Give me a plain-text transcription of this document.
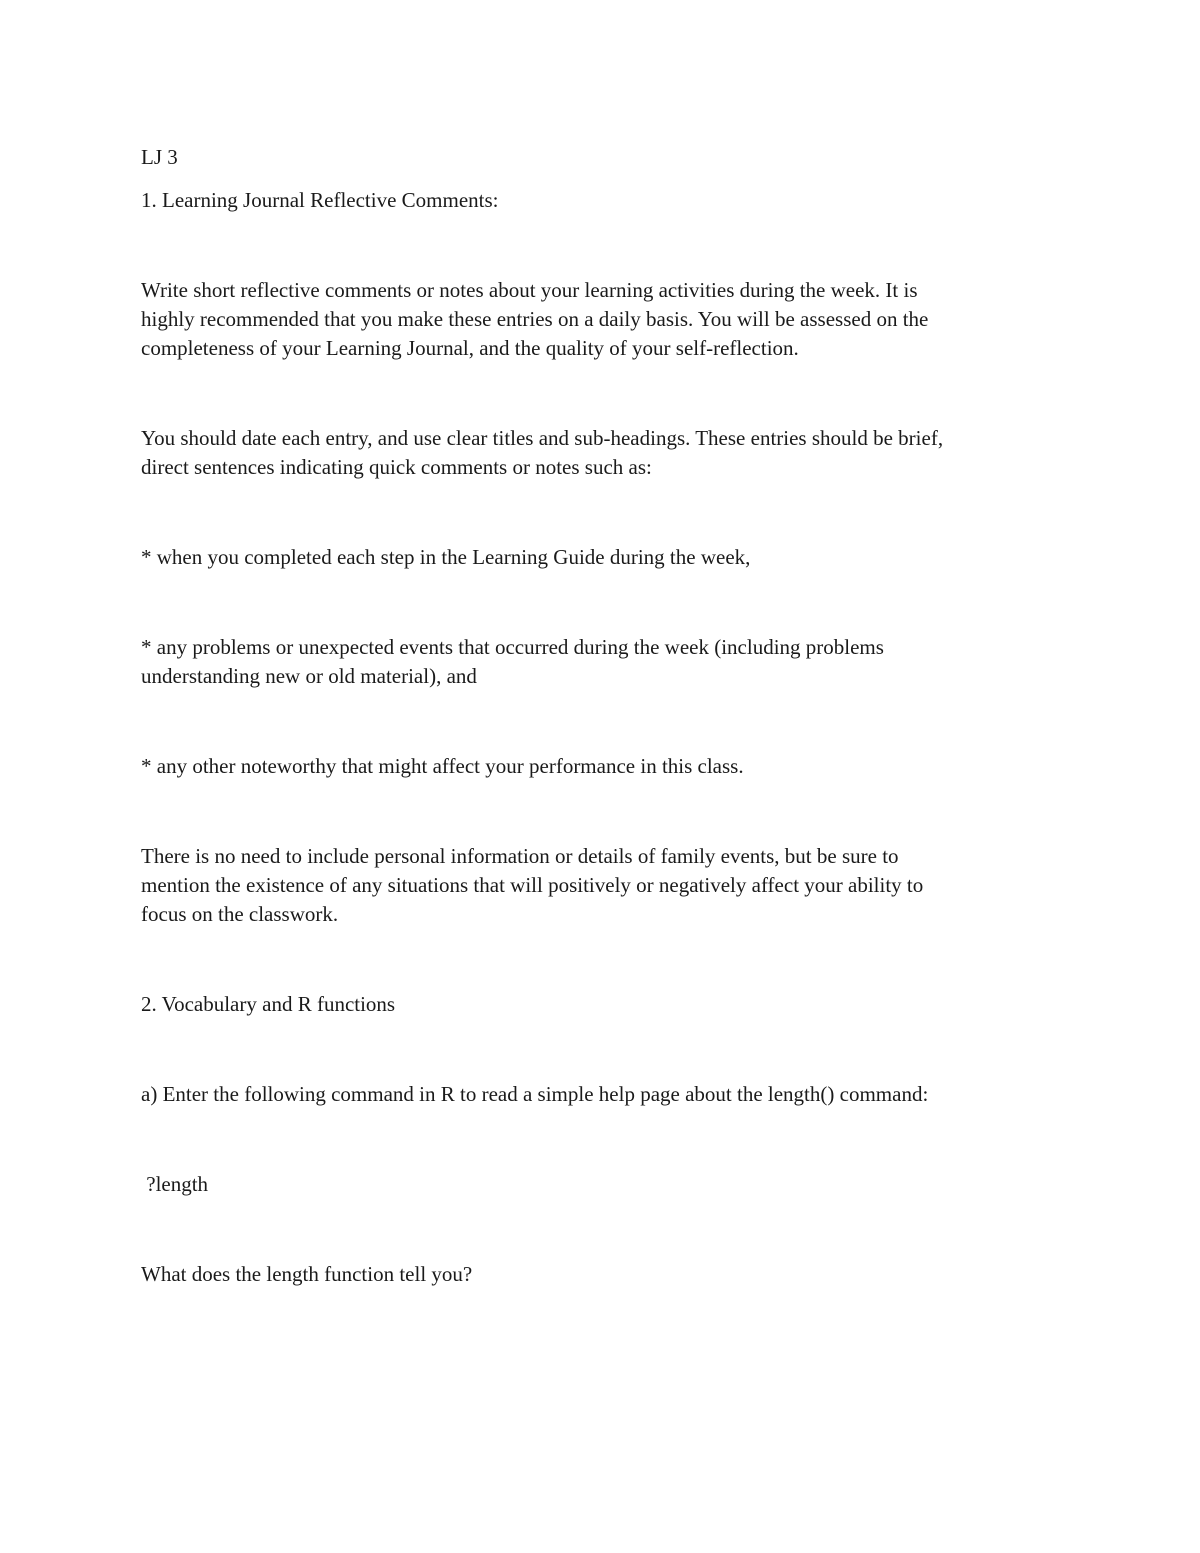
LJ 3

1. Learning Journal Reflective Comments:

Write short reflective comments or notes about your learning activities during the week. It is

highly recommended that you make these entries on a daily basis. You will be assessed on the

completeness of your Learning Journal, and the quality of your self-reflection.

You should date each entry, and use clear titles and sub-headings. These entries should be brief,

direct sentences indicating quick comments or notes such as:

* when you completed each step in the Learning Guide during the week,

* any problems or unexpected events that occurred during the week (including problems

understanding new or old material), and

* any other noteworthy that might affect your performance in this class.

There is no need to include personal information or details of family events, but be sure to

mention the existence of any situations that will positively or negatively affect your ability to

focus on the classwork.

2. Vocabulary and R functions

a) Enter the following command in R to read a simple help page about the length() command:

?length

What does the length function tell you?
